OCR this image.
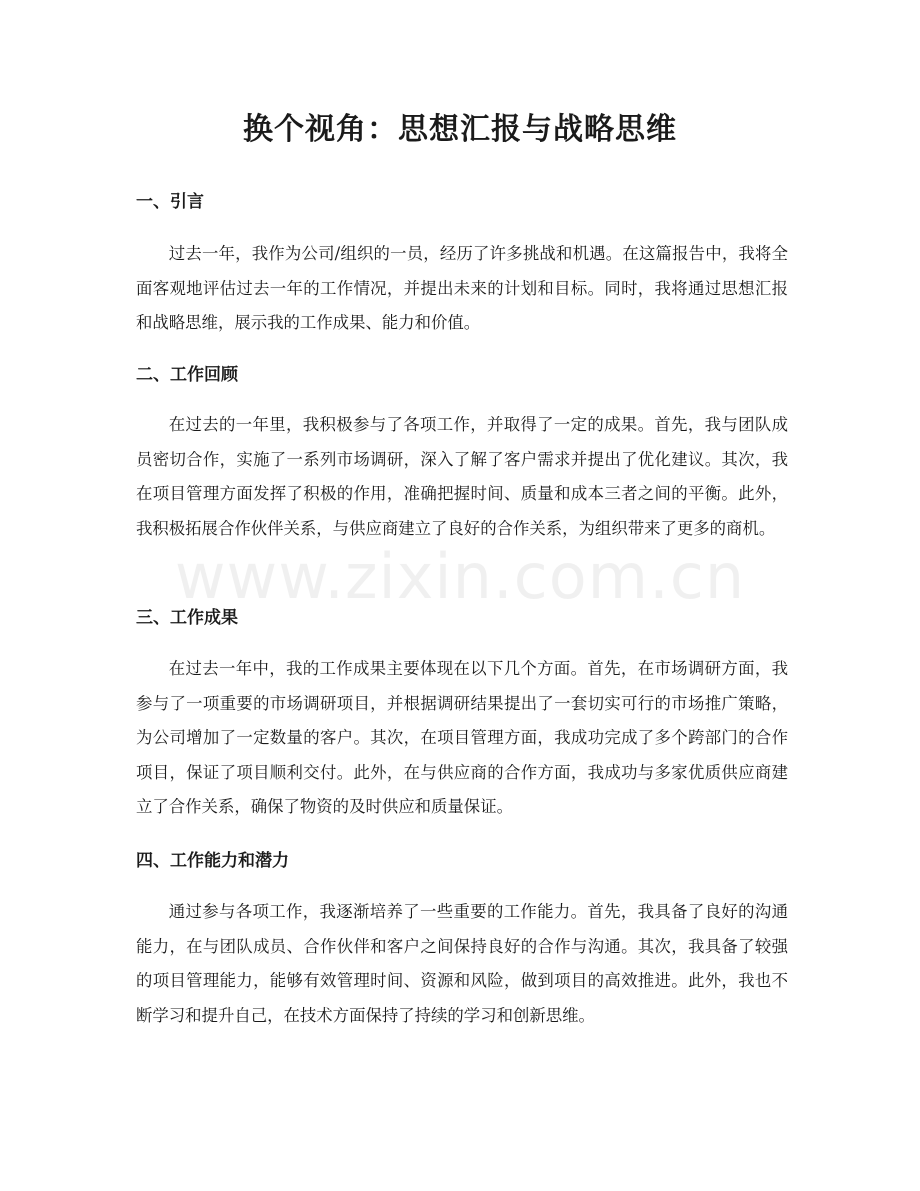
换个视角：思想汇报与战略思维
一、引言

过去一年，我作为公司/组织的一员，经历了许多挑战和机遇。在这篇报告中，我将全面客观地评估过去一年的工作情况，并提出未来的计划和目标。同时，我将通过思想汇报和战略思维，展示我的工作成果、能力和价值。

二、工作回顾

在过去的一年里，我积极参与了各项工作，并取得了一定的成果。首先，我与团队成员密切合作，实施了一系列市场调研，深入了解了客户需求并提出了优化建议。其次，我在项目管理方面发挥了积极的作用，准确把握时间、质量和成本三者之间的平衡。此外，我积极拓展合作伙伴关系，与供应商建立了良好的合作关系，为组织带来了更多的商机。

三、工作成果

在过去一年中，我的工作成果主要体现在以下几个方面。首先，在市场调研方面，我参与了一项重要的市场调研项目，并根据调研结果提出了一套切实可行的市场推广策略，为公司增加了一定数量的客户。其次，在项目管理方面，我成功完成了多个跨部门的合作项目，保证了项目顺利交付。此外，在与供应商的合作方面，我成功与多家优质供应商建立了合作关系，确保了物资的及时供应和质量保证。

四、工作能力和潜力

通过参与各项工作，我逐渐培养了一些重要的工作能力。首先，我具备了良好的沟通能力，在与团队成员、合作伙伴和客户之间保持良好的合作与沟通。其次，我具备了较强的项目管理能力，能够有效管理时间、资源和风险，做到项目的高效推进。此外，我也不断学习和提升自己，在技术方面保持了持续的学习和创新思维。

www.zixin.com.cn
